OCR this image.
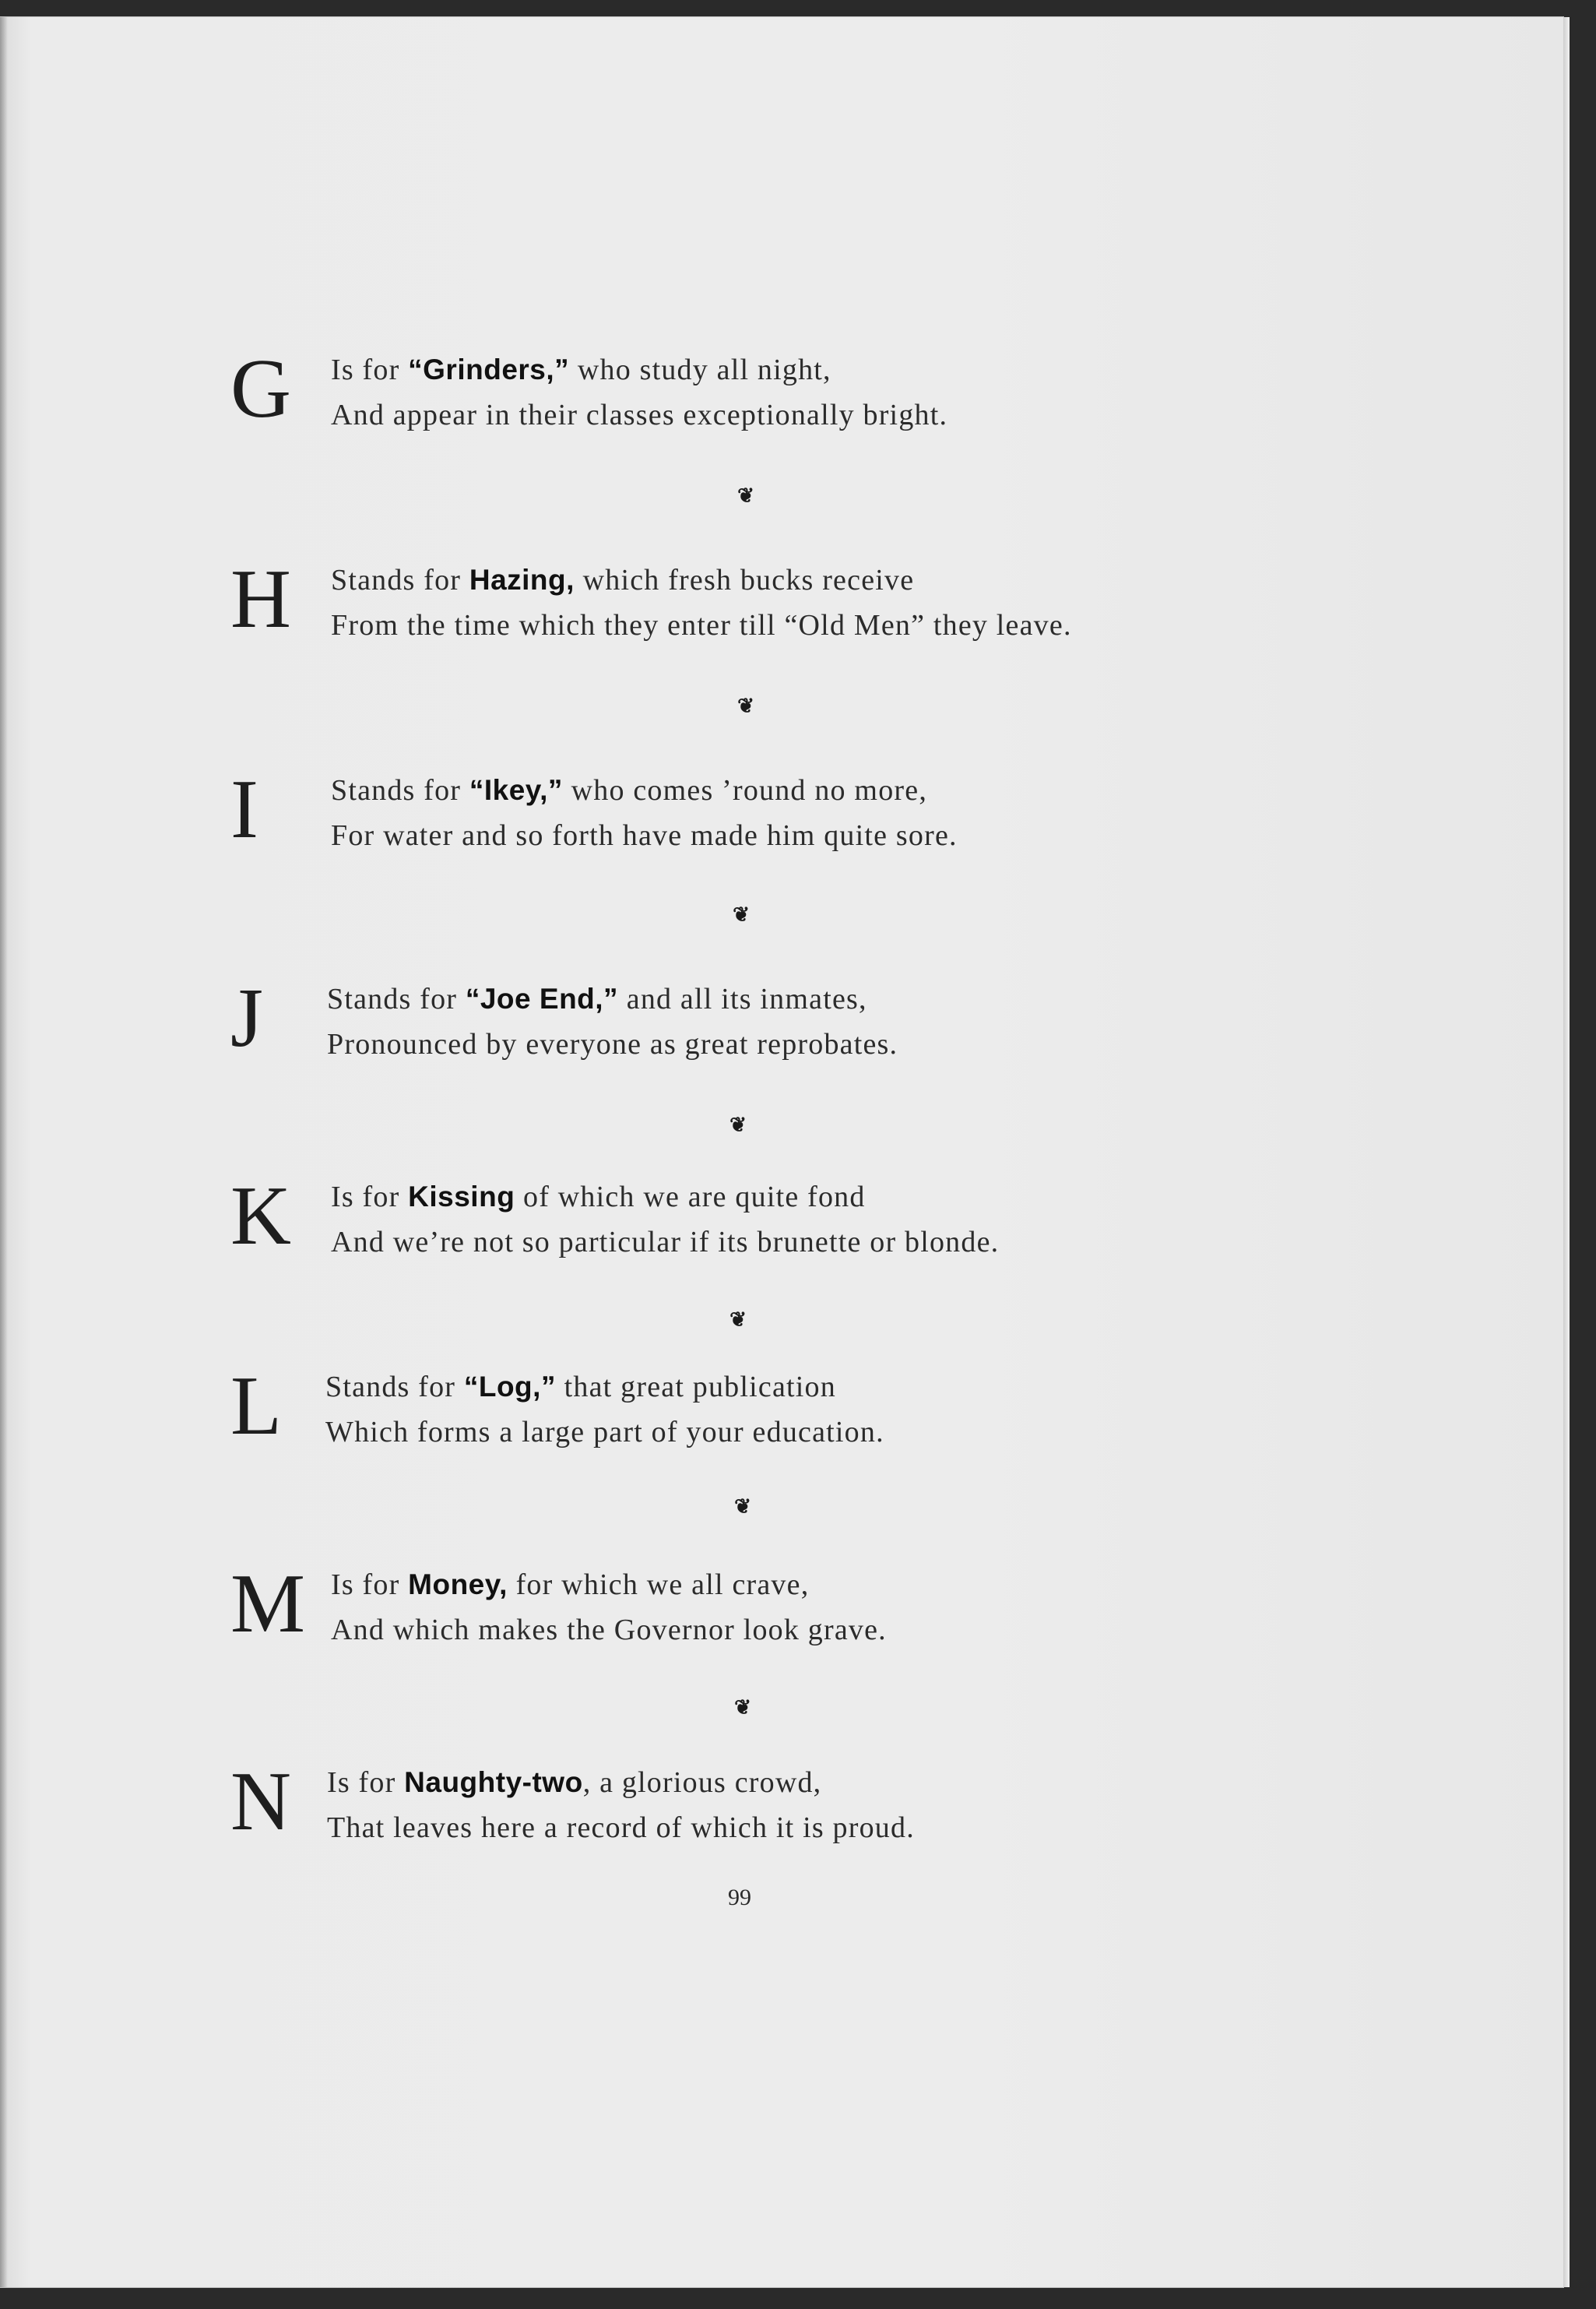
G Is for “Grinders,” who study all night,
And appear in their classes exceptionally bright.
❦
H Stands for Hazing, which fresh bucks receive
From the time which they enter till “Old Men” they leave.
❦
I Stands for “Ikey,” who comes ’round no more,
For water and so forth have made him quite sore.
❦
J Stands for “Joe End,” and all its inmates,
Pronounced by everyone as great reprobates.
❦
K Is for Kissing of which we are quite fond
And we’re not so particular if its brunette or blonde.
❦
L Stands for “Log,” that great publication
Which forms a large part of your education.
❦
M Is for Money, for which we all crave,
And which makes the Governor look grave.
❦
N Is for Naughty-two, a glorious crowd,
That leaves here a record of which it is proud.
99
